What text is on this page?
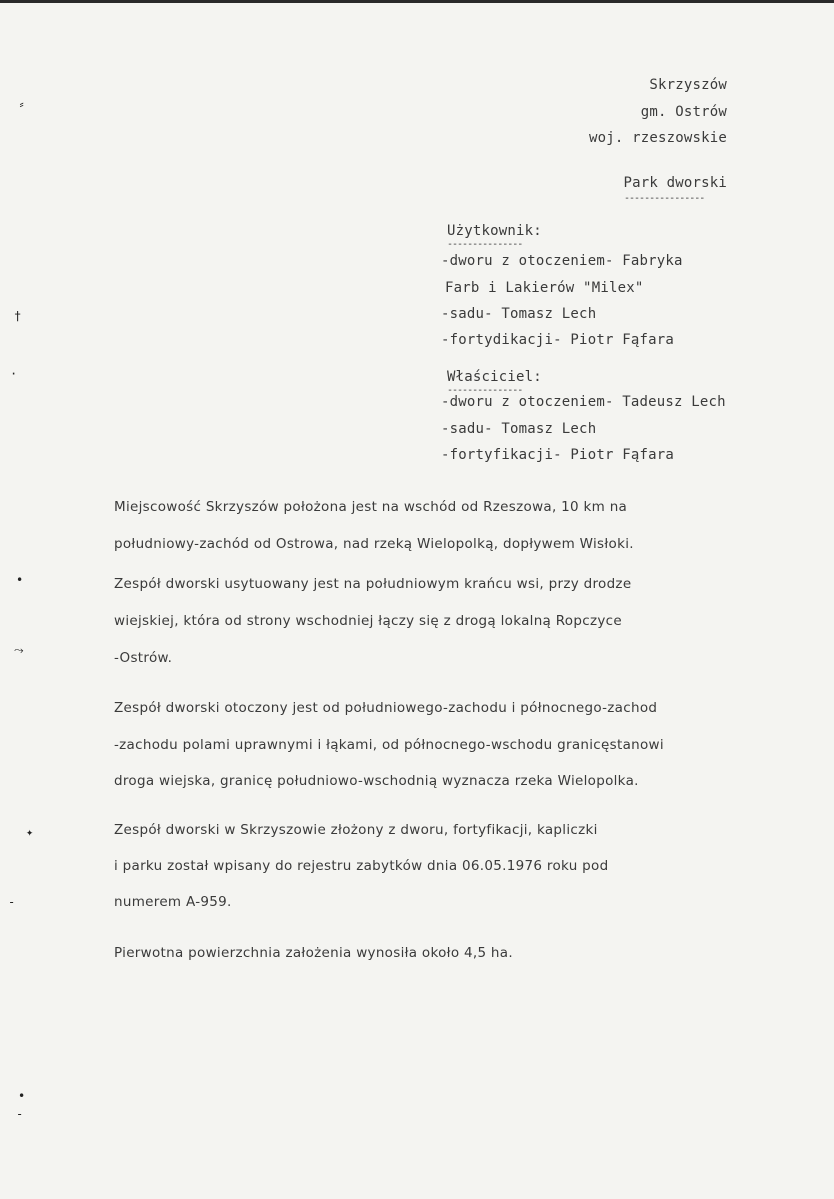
⸗
†
·
•
⤳
✦
-
•
-
Skrzyszów
gm. Ostrów
woj. rzeszowskie
Park dworski
----------------
Użytkownik:
---------------
-dworu z otoczeniem- Fabryka
Farb i Lakierów "Milex"
-sadu- Tomasz Lech
-fortydikacji- Piotr Fąfara
Właściciel:
---------------
-dworu z otoczeniem- Tadeusz Lech
-sadu- Tomasz Lech
-fortyfikacji- Piotr Fąfara
Miejscowość Skrzyszów położona jest na wschód od Rzeszowa, 10 km na
południowy-zachód od Ostrowa, nad rzeką Wielopolką, dopływem Wisłoki.
Zespół dworski usytuowany jest na południowym krańcu wsi, przy drodze
wiejskiej, która od strony wschodniej łączy się z drogą lokalną Ropczyce
-Ostrów.
Zespół dworski otoczony jest od południowego-zachodu i północnego-zachod
-zachodu polami uprawnymi i łąkami, od północnego-wschodu granicęstanowi
droga wiejska, granicę południowo-wschodnią wyznacza rzeka Wielopolka.
Zespół dworski w Skrzyszowie złożony z dworu, fortyfikacji, kapliczki
i parku został wpisany do rejestru zabytków dnia 06.05.1976 roku pod
numerem A-959.
Pierwotna powierzchnia założenia wynosiła około 4,5 ha.
